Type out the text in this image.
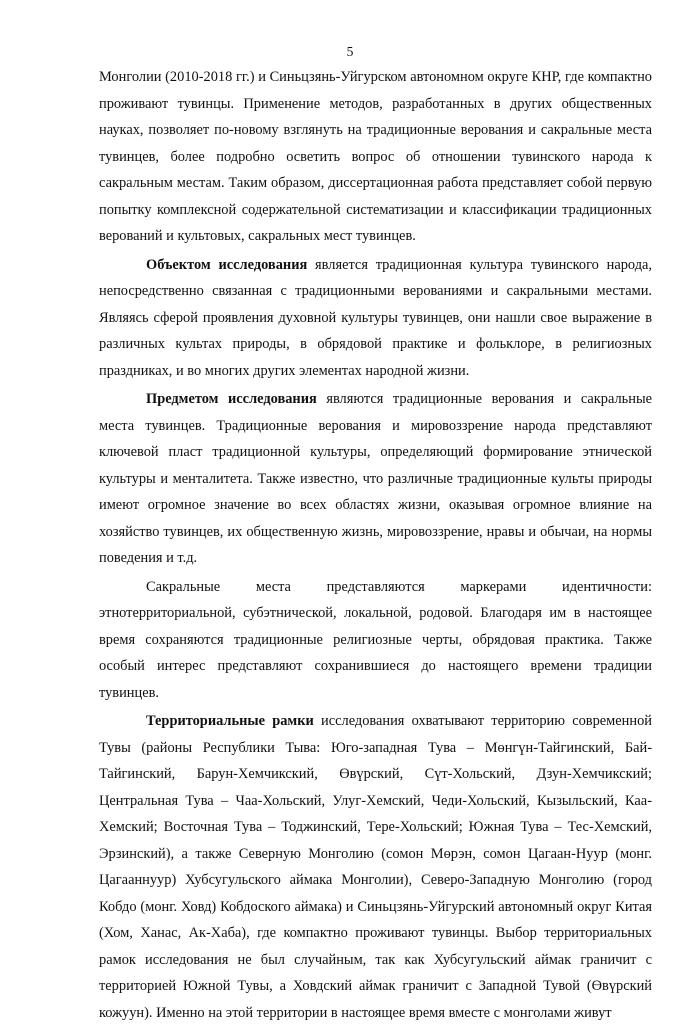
5

Монголии (2010-2018 гг.) и Синьцзянь-Уйгурском автономном округе КНР, где компактно проживают тувинцы. Применение методов, разработанных в других общественных науках, позволяет по-новому взглянуть на традиционные верования и сакральные места тувинцев, более подробно осветить вопрос об отношении тувинского народа к сакральным местам. Таким образом, диссертационная работа представляет собой первую попытку комплексной содержательной систематизации и классификации традиционных верований и культовых, сакральных мест тувинцев.

Объектом исследования является традиционная культура тувинского народа, непосредственно связанная с традиционными верованиями и сакральными местами. Являясь сферой проявления духовной культуры тувинцев, они нашли свое выражение в различных культах природы, в обрядовой практике и фольклоре, в религиозных праздниках, и во многих других элементах народной жизни.

Предметом исследования являются традиционные верования и сакральные места тувинцев. Традиционные верования и мировоззрение народа представляют ключевой пласт традиционной культуры, определяющий формирование этнической культуры и менталитета. Также известно, что различные традиционные культы природы имеют огромное значение во всех областях жизни, оказывая огромное влияние на хозяйство тувинцев, их общественную жизнь, мировоззрение, нравы и обычаи, на нормы поведения и т.д.

Сакральные места представляются маркерами идентичности: этнотерриториальной, субэтнической, локальной, родовой. Благодаря им в настоящее время сохраняются традиционные религиозные черты, обрядовая практика. Также особый интерес представляют сохранившиеся до настоящего времени традиции тувинцев.

Территориальные рамки исследования охватывают территорию современной Тувы (районы Республики Тыва: Юго-западная Тува – Мөнгүн-Тайгинский, Бай-Тайгинский, Барун-Хемчикский, Өвүрский, Сүт-Хольский, Дзун-Хемчикский; Центральная Тува – Чаа-Хольский, Улуг-Хемский, Чеди-Хольский, Кызыльский, Каа-Хемский; Восточная Тува – Тоджинский, Тере-Хольский; Южная Тува – Тес-Хемский, Эрзинский), а также Северную Монголию (сомон Мөрэн, сомон Цагаан-Нуур (монг. Цагааннуур) Хубсугульского аймака Монголии), Северо-Западную Монголию (город Кобдо (монг. Ховд) Кобдоского аймака) и Синьцзянь-Уйгурский автономный округ Китая (Хом, Ханас, Ак-Хаба), где компактно проживают тувинцы. Выбор территориальных рамок исследования не был случайным, так как Хубсугульский аймак граничит с территорией Южной Тувы, а Ховдский аймак граничит с Западной Тувой (Өвүрский кожуун). Именно на этой территории в настоящее время вместе с монголами живут
